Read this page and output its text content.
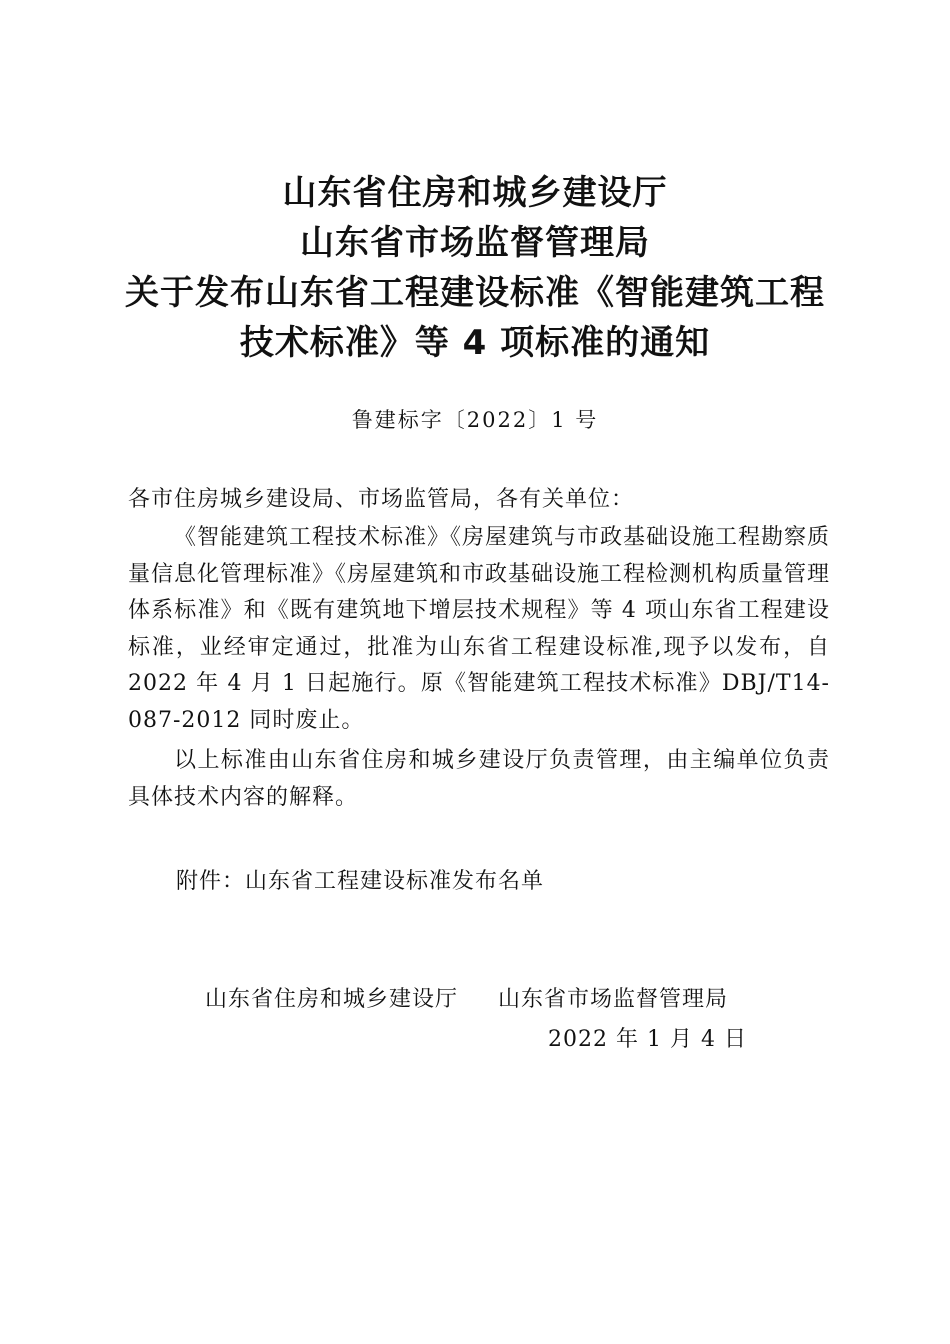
山东省住房和城乡建设厅
山东省市场监督管理局
关于发布山东省工程建设标准《智能建筑工程
技术标准》等 4 项标准的通知
鲁建标字〔2022〕1 号
各市住房城乡建设局、市场监管局，各有关单位：
《智能建筑工程技术标准》《房屋建筑与市政基础设施工程勘察质量信息化管理标准》《房屋建筑和市政基础设施工程检测机构质量管理体系标准》和《既有建筑地下增层技术规程》等 4 项山东省工程建设标准，业经审定通过，批准为山东省工程建设标准,现予以发布，自 2022 年 4 月 1 日起施行。原《智能建筑工程技术标准》DBJ/T14-087-2012 同时废止。
以上标准由山东省住房和城乡建设厅负责管理，由主编单位负责具体技术内容的解释。
附件：山东省工程建设标准发布名单
山东省住房和城乡建设厅 山东省市场监督管理局
2022 年 1 月 4 日
